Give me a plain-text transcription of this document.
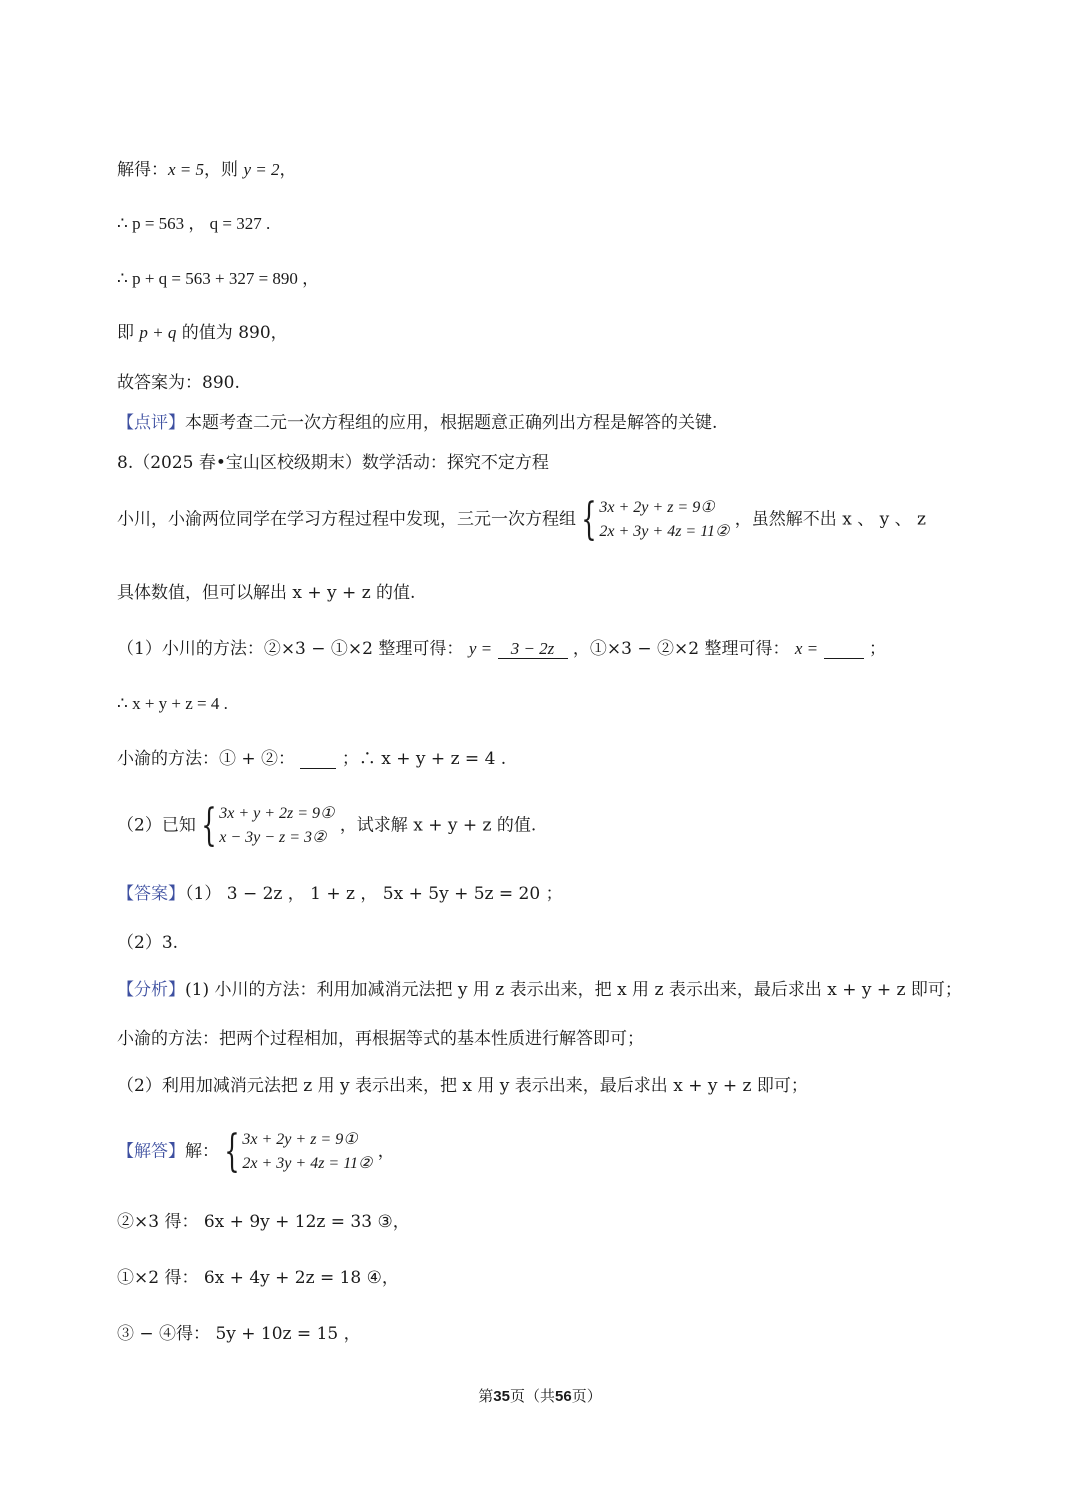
解得：x = 5，则 y = 2，
∴ p = 563 ， q = 327 .
∴ p + q = 563 + 327 = 890 ，
即 p + q 的值为 890，
故答案为：890.
【点评】本题考查二元一次方程组的应用，根据题意正确列出方程是解答的关键.
8.（2025 春•宝山区校级期末）数学活动：探究不定方程
小川，小渝两位同学在学习方程过程中发现，三元一次方程组 { 3x + 2y + z = 9①
2x + 3y + 4z = 11②
，虽然解不出 x 、 y 、 z
具体数值，但可以解出 x + y + z 的值.
（1）小川的方法：②×3 − ①×2 整理可得： y = 3 − 2z ，①×3 − ②×2 整理可得： x =	；
∴ x + y + z = 4 .
小渝的方法：① + ②：	；∴ x + y + z = 4 .
（2）已知 { 3x + y + 2z = 9①
x − 3y − z = 3②
，试求解 x + y + z 的值.
【答案】（1） 3 − 2z ， 1 + z ， 5x + 5y + 5z = 20 ；
（2）3.
【分析】(1) 小川的方法：利用加减消元法把 y 用 z 表示出来，把 x 用 z 表示出来，最后求出 x + y + z 即可；
小渝的方法：把两个过程相加，再根据等式的基本性质进行解答即可；
（2）利用加减消元法把 z 用 y 表示出来，把 x 用 y 表示出来，最后求出 x + y + z 即可；
【解答】解： { 3x + 2y + z = 9①
2x + 3y + 4z = 11②
，
②×3 得： 6x + 9y + 12z = 33 ③，
①×2 得： 6x + 4y + 2z = 18 ④，
③ − ④得： 5y + 10z = 15 ，
第35页（共56页）
